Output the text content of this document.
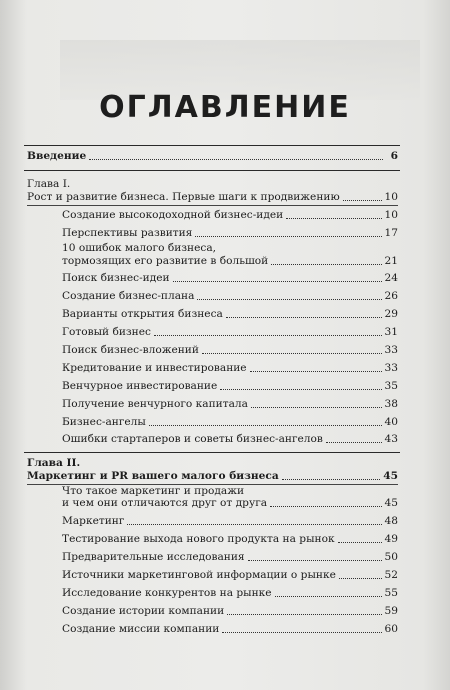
ОГЛАВЛЕНИЕ
Введение	6
Глава I.
Рост и развитие бизнеса. Первые шаги к продвижению	10
Создание высокодоходной бизнес-идеи	10
Перспективы развития	17
10 ошибок малого бизнеса,
тормозящих его развитие в большой	21
Поиск бизнес-идеи	24
Создание бизнес-плана	26
Варианты открытия бизнеса	29
Готовый бизнес	31
Поиск бизнес-вложений	33
Кредитование и инвестирование	33
Венчурное инвестирование	35
Получение венчурного капитала	38
Бизнес-ангелы	40
Ошибки стартаперов и советы бизнес-ангелов	43
Глава II.
Маркетинг и PR вашего малого бизнеса	45
Что такое маркетинг и продажи
и чем они отличаются друг от друга	45
Маркетинг	48
Тестирование выхода нового продукта на рынок	49
Предварительные исследования	50
Источники маркетинговой информации о рынке	52
Исследование конкурентов на рынке	55
Создание истории компании	59
Создание миссии компании	60
